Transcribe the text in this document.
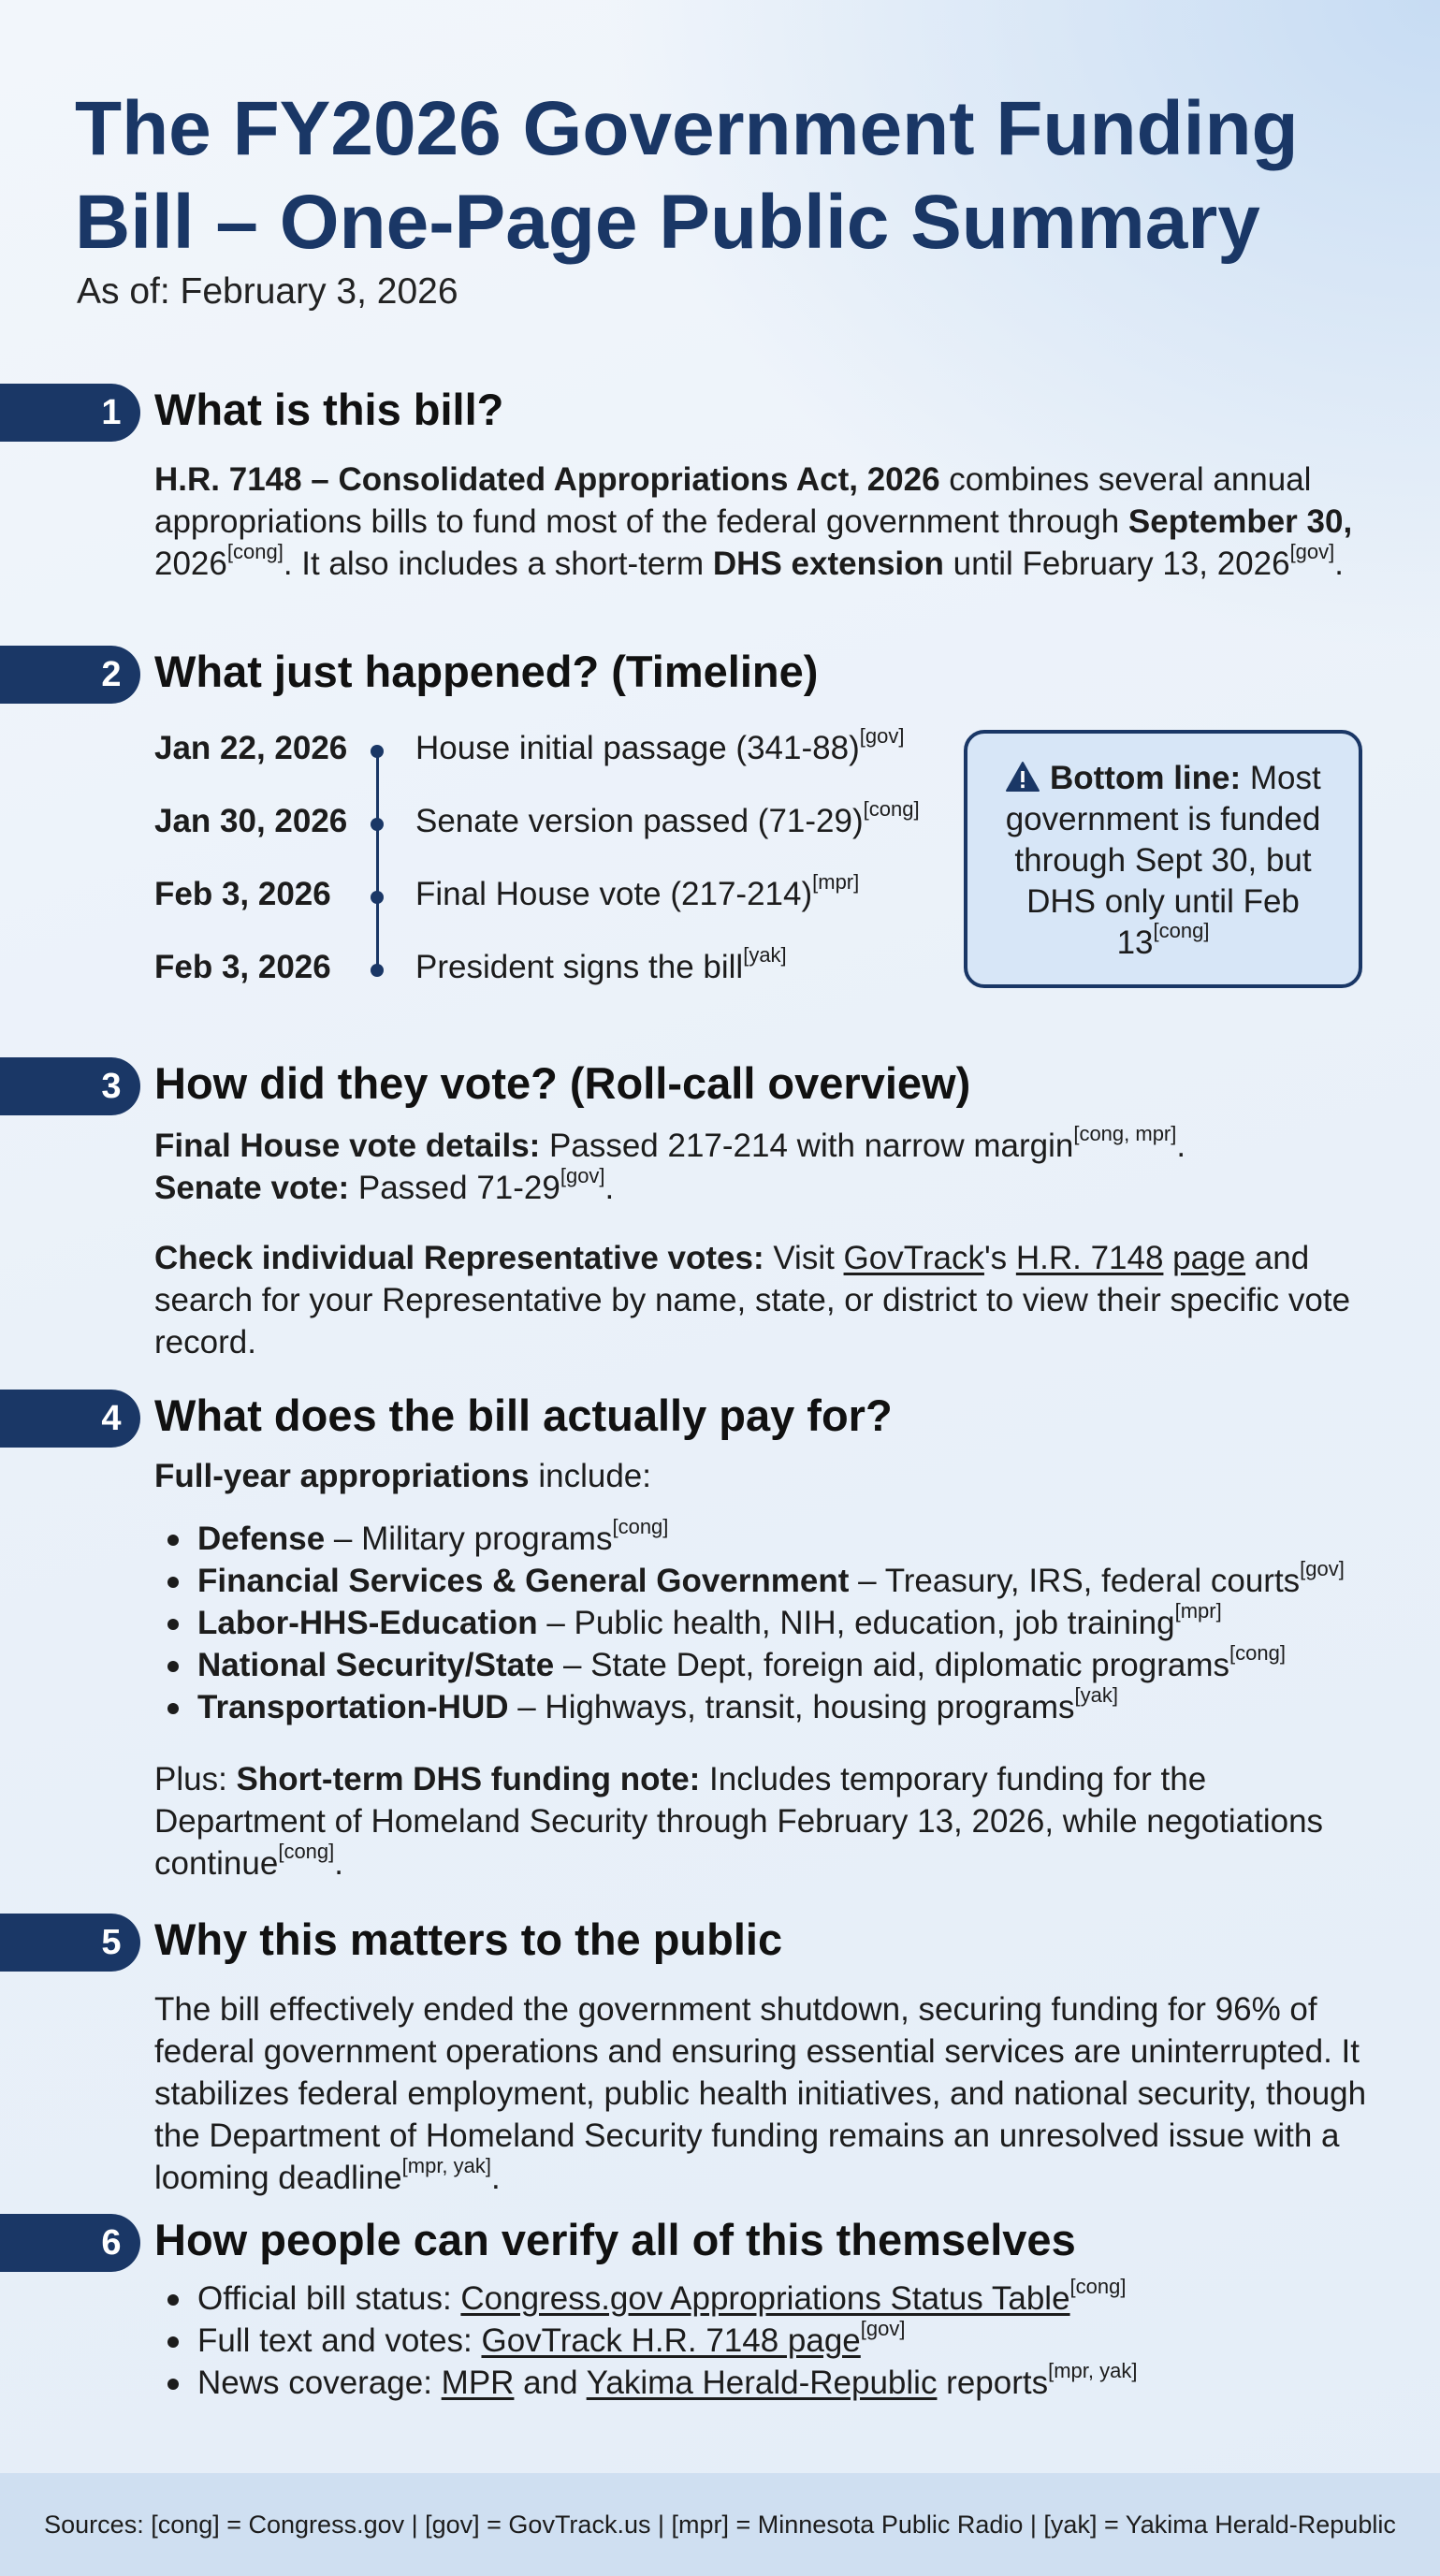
The FY2026 Government Funding
Bill – One-Page Public Summary
As of: February 3, 2026
1 What is this bill?
H.R. 7148 – Consolidated Appropriations Act, 2026 combines several annual appropriations bills to fund most of the federal government through September 30, 2026[cong]. It also includes a short-term DHS extension until February 13, 2026[gov].
2 What just happened? (Timeline)
Jan 22, 2026 House initial passage (341-88)[gov]
Jan 30, 2026 Senate version passed (71-29)[cong]
Feb 3, 2026	Final House vote (217-214)[mpr]
Feb 3, 2026	President signs the bill[yak]
Bottom line: Most government is funded through Sept 30, but DHS only until Feb 13[cong]
3 How did they vote? (Roll-call overview)
Final House vote details: Passed 217-214 with narrow margin[cong, mpr].
Senate vote: Passed 71-29[gov].
Check individual Representative votes: Visit GovTrack's H.R. 7148 page and search for your Representative by name, state, or district to view their specific vote record.
4 What does the bill actually pay for?
Full-year appropriations include:
Defense – Military programs[cong]
Financial Services & General Government – Treasury, IRS, federal courts[gov]
Labor-HHS-Education – Public health, NIH, education, job training[mpr]
National Security/State – State Dept, foreign aid, diplomatic programs[cong]
Transportation-HUD – Highways, transit, housing programs[yak]
Plus: Short-term DHS funding note: Includes temporary funding for the Department of Homeland Security through February 13, 2026, while negotiations continue[cong].
5 Why this matters to the public
The bill effectively ended the government shutdown, securing funding for 96% of federal government operations and ensuring essential services are uninterrupted. It stabilizes federal employment, public health initiatives, and national security, though the Department of Homeland Security funding remains an unresolved issue with a looming deadline[mpr, yak].
6 How people can verify all of this themselves
Official bill status: Congress.gov Appropriations Status Table[cong]
Full text and votes: GovTrack H.R. 7148 page[gov]
News coverage: MPR and Yakima Herald-Republic reports[mpr, yak]
Sources: [cong] = Congress.gov | [gov] = GovTrack.us | [mpr] = Minnesota Public Radio | [yak] = Yakima Herald-Republic
